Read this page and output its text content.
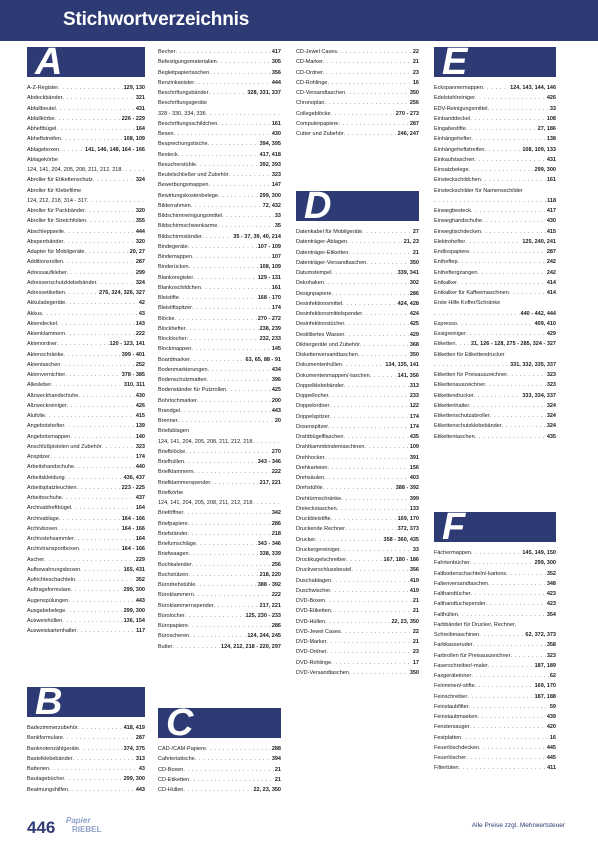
Stichwortverzeichnis
A
A-Z-Register . . .	129, 130
Abdeckbänder . . .	321
Abfallbeutel . . .	431
Abfallkörbe . . .	226 - 229
Abheftbügel . . .	164
Abheftstreifen . . .	108, 109
Ablageboxen . . .	141, 146, 148, 164 - 166
Ablagekörbe
124, 141, 204, 205, 208, 211, 212, 218
. . .
Abroller für Etikettenschutz . . .	324
Abroller für Klebefilme
124, 212, 218, 314 - 317
. . .
Abroller für Packbänder . . .	320
Abroller für Stretchfolien . . .	355
Abschleppseile . . .	444
Absperrbänder . . .	320
Adapter für Mobilgeräte . . .	20, 27
Additionsrollen . . .	287
Adressaufkleber . . .	299
Adressenschutzklebebänder . . .	324
Adressetiketten . . .	276, 324, 326, 327
Akkuladegeräte . . .	42
Akkus . . .	43
Aktendeckel . . .	143
Aktenklammern . . .	222
Aktenordner . . .	120 - 123, 141
Aktenschränke . . .	399 - 401
Aktentaschen . . .	252
Aktenvernichter . . .	378 - 385
Allesleber . . .	310, 311
Allzweckhandschuhe . . .	430
Allzweckreiniger . . .	426
Alufolie . . .	415
Angebotshefter . . .	139
Angebotsmappen . . .	140
Anschlüßpistolen und Zubehör . . .	323
Anspitzer . . .	174
Arbeitshandschuhe . . .	440
Arbeitskleidung . . .	436, 437
Arbeitsplatzleuchten . . .	223 - 225
Arbeitsschuhe . . .	437
Archivabheftbügel . . .	164
Archivablage . . .	164 - 166
Archivboxen . . .	164 - 166
Archivstehsammler . . .	164
Archivtransportboxen . . .	164 - 166
Ascher . . .	229
Aufbewahrungsboxen . . .	165, 431
Aufrichteschachteln . . .	352
Auftragsformulare . . .	299, 300
Augenspülungen . . .	443
Ausgabebelege . . .	299, 300
Ausweishüllen . . .	136, 154
Ausweiskartenhalter . . .	117
B
Badezimmerzubehör . . .	418, 419
Bankformulare . . .	287
Banknotenzählgeräte . . .	374, 375
Bastelklebebänder . . .	313
Batterien . . .	43
Bautagebücher . . .	299, 300
Beatmungshilfen . . .	443
Becher . . .	417
Befestigungsmaterialien . . .	305
Begleitpapiertaschen . . .	356
Benzinkanister . . .	444
Beschriftungsbänder . . .	328, 331, 337
Beschriftungsgeräte
328 - 330, 334, 336
. . .
Beschriftungsschildchen . . .	161
Besen . . .	430
Besprechungstische . . .	394, 395
Besteck . . .	417, 418
Besucherstühle . . .	392, 393
Beutelschließer und Zubehör . . .	323
Bewerbungsmappen . . .	147
Bewirtungskostenbelege . . .	299, 300
Bilderrahmen . . .	72, 432
Bildschirmreinigungsmittel . . .	33
Bildschirmschwenkarme . . .	35
Bildschirmständer . . .	35 - 37, 39, 40, 214
Bindegeräte . . .	107 - 109
Bindemappen . . .	107
Binderücken . . .	108, 109
Blankoregister . . .	129 - 131
Blankoschildchen . . .	161
Bleistifte . . .	168 - 170
Bleistiftspitzer . . .	174
Blöcke . . .	270 - 272
Blockhefter . . .	238, 239
Blocklocher . . .	232, 233
Blockmappen . . .	145
Boardmarker . . .	63, 65, 88 - 91
Bodenmarkierungen . . .	434
Bodenschutzmatten . . .	396
Bodenständer für Putzrollen . . .	425
Bohrlochmarker . . .	200
Brandgel . . .	443
Brenner . . .	20
Briefablagen
124, 141, 204, 205, 208, 211, 212, 218
. . .
Briefblöcke . . .	270
Briefhüllen . . .	343 - 346
Briefklammern . . .	222
Briefklammerspender . . .	217, 221
Briefkörbe
124, 141, 204, 205, 208, 211, 212, 218
. . .
Brieföffner . . .	342
Briefpapiere . . .	286
Briefständer . . .	218
Briefumschläge . . .	343 - 346
Briefwaagen . . .	338, 339
Buchkalender . . .	256
Buchstützen . . .	218, 220
Bürodrehstühle . . .	388 - 392
Büroklammern . . .	222
Büroklammernspender . . .	217, 221
Bürolocher . . .	125, 230 - 233
Büropapiere . . .	286
Büroscheren . . .	124, 244, 245
Butler . . .	124, 212, 218 - 220, 297
C
CAD-/CAM-Papiere . . .	288
Cafeteriatische . . .	394
CD-Boxen . . .	21
CD-Etiketten . . .	21
CD-Hüllen . . .	22, 23, 350
CD-Jewel Cases . . .	22
CD-Marker . . .	21
CD-Ordner . . .	23
CD-Rohlinge . . .	16
CD-Versandtaschen . . .	350
Chronoplan . . .	256
Collegeblöcke . . .	270 - 273
Computerpapiere . . .	287
Cutter und Zubehör . . .	246, 247
D
Datenkabel für Mobilgeräte . . .	27
Datenträger-Ablagen . . .	21, 23
Datenträger-Etiketten . . .	21
Datenträger-Versandtaschen . . .	350
Datumstempel . . .	339, 341
Dekohaken . . .	302
Designpapiere . . .	286
Desinfektionsmittel . . .	424, 428
Desinfektionsmittelspender . . .	424
Desinfektionstücher . . .	425
Destilliertes Wasser . . .	429
Diktiergeräte und Zubehör . . .	368
Diskettenversandtaschen . . .	350
Dokumentenhüllen . . .	134, 135, 141
Dokumentenmappen/-taschen . . .	141, 356
Doppelklebebänder . . .	313
Doppellocher . . .	233
Doppelordner . . .	122
Doppelspitzer . . .	174
Dosenspitzer . . .	174
Drahtbügelflaschen . . .	435
Drahtkammbindemaschinen . . .	109
Drehhocker . . .	391
Drehkarteien . . .	156
Drehsäulen . . .	403
Drehstühle . . .	388 - 392
Drehtürmschränke . . .	399
Dreieckstaschen . . .	133
Druckbleistifte . . .	169, 170
Druckende Rechner . . .	372, 373
Drucker . . .	358 - 360, 435
Druckergereiniger . . .	33
Druckkugelschreiber . . .	167, 180 - 186
Druckverschlussbeutel . . .	356
Duschablagen . . .	419
Duschwischer . . .	419
DVD-Boxen . . .	21
DVD-Etiketten . . .	21
DVD-Hüllen . . .	22, 23, 350
DVD-Jewel Cases . . .	22
DVD-Marker . . .	21
DVD-Ordner . . .	23
DVD-Rohlinge . . .	17
DVD-Versandtaschen . . .	350
E
Eckspannermappen . . .	124, 143, 144, 146
Edelstahlreiniger . . .	426
EDV-Reinigungsmittel . . .	33
Einbanddeckel . . .	108
Eingabestifte . . .	27, 186
Einhängehefter . . .	138
Einhängeheftstreifen . . .	108, 109, 133
Einkaufstaschen . . .	431
Einsatzbelege . . .	299, 300
Einsteckschildchen . . .	161
Einsteckschilder für Namensschilder
. . .
118
Einwegbesteck . . .	417
Einweghandschuhe . . .	430
Einwegtischdecken . . .	415
Elektrohefter . . .	125, 240, 241
Endlospapiere . . .	287
Entheftер . . .	242
Entheftergzangen . . .	242
Entkalker . . .	414
Entkalker für Kaffeemaschinen . . .	414
Erste Hilfe Koffer/Schränke
. . .
440 - 442, 444
Espresso . . .	409, 410
Essigreiniger . . .	429
Etiketten . . .	21, 126 - 128, 275 - 285, 324 - 327
Etiketten für Etikettendrucker
. . .
331, 332, 335, 337
Etiketten für Preisauszeichner . . .	323
Etikettenauszeichner . . .	323
Etikettendrucker . . .	333, 334, 337
Etikettenhalter . . .	324
Etikettenschutzabroller . . .	324
Etikettenschutzklebebänder . . .	324
Etikettentaschen . . .	435
F
Fächermappen . . .	145, 149, 150
Fahrtenbücher . . .	299, 300
Faltbodenschachteln/-kartons . . .	352
Faltenversandtaschen . . .	348
Falthandtücher . . .	423
Falthandtuchspender . . .	423
Falthüllen . . .	354
Farbbänder für Drucker, Rechner,
Schreibmaschinen . . .	62, 372, 373
Farbkasseruder . . .	358
Farbrollen für Preisauszeichner . . .	323
Faserschreiber/-maler . . .	187, 189
Faxgerätetoner . . .	62
Feinminen/-stifte . . .	169, 170
Feinschreiber . . .	187, 188
Feinstaubfilter . . .	59
Feinstaubmasken . . .	439
Fenstersauger . . .	420
Festplatten . . .	16
Feuerlöschdecken . . .	445
Feuerlöscher . . .	445
Filtertüten . . .	411
446 Papier
RIEBEL	Alle Preise zzgl. Mehrwertsteuer
